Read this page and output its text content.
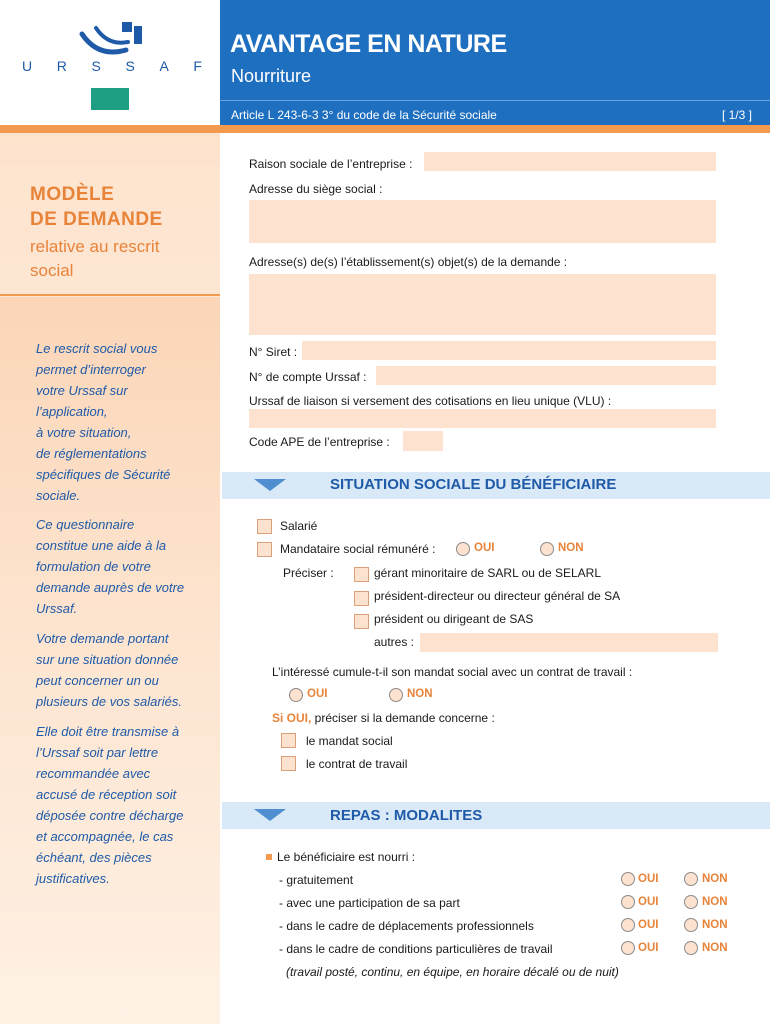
U R S S A F
AVANTAGE EN NATURE
Nourriture
Article L 243-6-3 3° du code de la Sécurité sociale	[ 1/3 ]
MODÈLE
DE DEMANDE
relative au rescrit
social
Le rescrit social vous
permet d’interroger
votre Urssaf sur
l’application,
à votre situation,
de réglementations
spécifiques de Sécurité
sociale.
Ce questionnaire
constitue une aide à la
formulation de votre
demande auprès de votre
Urssaf.
Votre demande portant
sur une situation donnée
peut concerner un ou
plusieurs de vos salariés.
Elle doit être transmise à
l’Urssaf soit par lettre
recommandée avec
accusé de réception soit
déposée contre décharge
et accompagnée, le cas
échéant, des pièces
justificatives.
Raison sociale de l’entreprise :
Adresse du siège social :
Adresse(s) de(s) l’établissement(s) objet(s) de la demande :
N° Siret :
N° de compte Urssaf :
Urssaf de liaison si versement des cotisations en lieu unique (VLU) :
Code APE de l’entreprise :
SITUATION SOCIALE DU BÉNÉFICIAIRE
Salarié
Mandataire social rémunéré :	OUI	NON
Préciser :	gérant minoritaire de SARL ou de SELARL
président-directeur ou directeur général de SA
président ou dirigeant de SAS
autres :
L’intéressé cumule-t-il son mandat social avec un contrat de travail :
OUI	NON
Si OUI, préciser si la demande concerne :
le mandat social
le contrat de travail
REPAS : MODALITES
Le bénéficiaire est nourri :
- gratuitement	OUI	NON
- avec une participation de sa part	OUI	NON
- dans le cadre de déplacements professionnels	OUI	NON
- dans le cadre de conditions particulières de travail	OUI	NON
(travail posté, continu, en équipe, en horaire décalé ou de nuit)
